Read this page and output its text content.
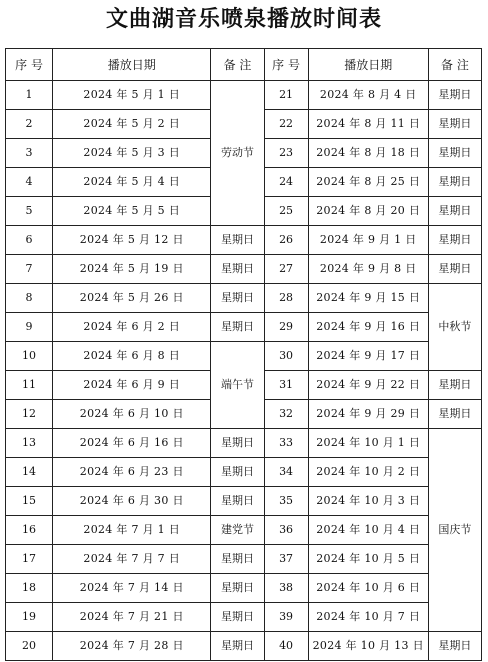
文曲湖音乐喷泉播放时间表
序 号	播放日期	备 注	序 号	播放日期	备 注
1	2024 年 5 月 1 日	劳动节	21	2024 年 8 月 4 日	星期日
2	2024 年 5 月 2 日		22	2024 年 8 月 11 日	星期日
3	2024 年 5 月 3 日		23	2024 年 8 月 18 日	星期日
4	2024 年 5 月 4 日		24	2024 年 8 月 25 日	星期日
5	2024 年 5 月 5 日		25	2024 年 8 月 20 日	星期日
6	2024 年 5 月 12 日	星期日	26	2024 年 9 月 1 日	星期日
7	2024 年 5 月 19 日	星期日	27	2024 年 9 月 8 日	星期日
8	2024 年 5 月 26 日	星期日	28	2024 年 9 月 15 日	中秋节
9	2024 年 6 月 2 日	星期日	29	2024 年 9 月 16 日	
10	2024 年 6 月 8 日	端午节	30	2024 年 9 月 17 日	
11	2024 年 6 月 9 日		31	2024 年 9 月 22 日	星期日
12	2024 年 6 月 10 日		32	2024 年 9 月 29 日	星期日
13	2024 年 6 月 16 日	星期日	33	2024 年 10 月 1 日	国庆节
14	2024 年 6 月 23 日	星期日	34	2024 年 10 月 2 日	
15	2024 年 6 月 30 日	星期日	35	2024 年 10 月 3 日	
16	2024 年 7 月 1 日	建党节	36	2024 年 10 月 4 日	
17	2024 年 7 月 7 日	星期日	37	2024 年 10 月 5 日	
18	2024 年 7 月 14 日	星期日	38	2024 年 10 月 6 日	
19	2024 年 7 月 21 日	星期日	39	2024 年 10 月 7 日	
20	2024 年 7 月 28 日	星期日	40	2024 年 10 月 13 日	星期日
